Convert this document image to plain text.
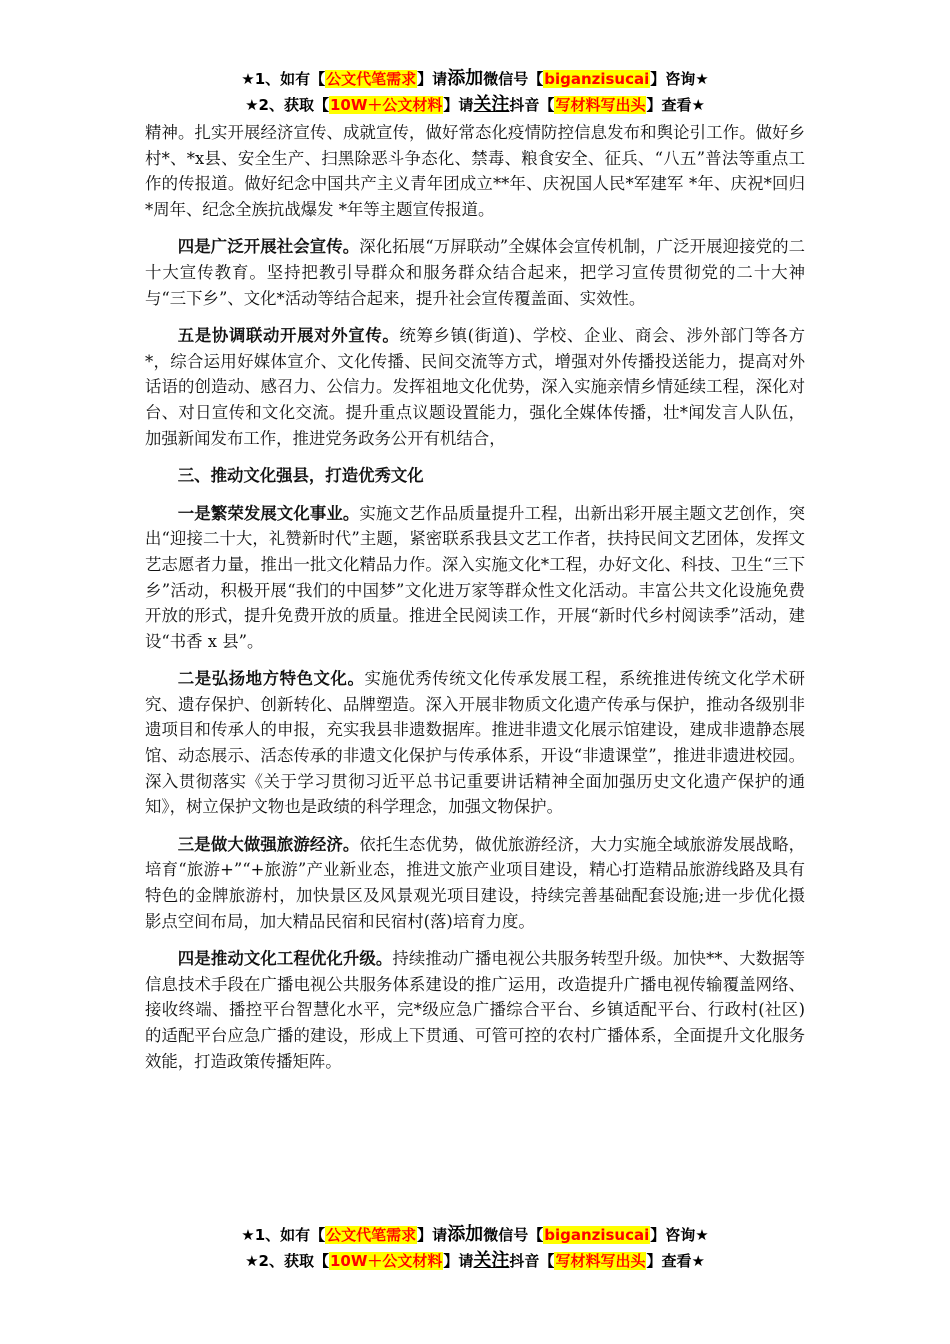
★1、如有【公文代笔需求】请添加微信号【biganzisucai】咨询★
★2、获取【10W＋公文材料】请关注抖音【写材料写出头】查看★

精神。扎实开展经济宣传、成就宣传，做好常态化疫情防控信息发布和舆论引工作。做好乡村*、*x县、安全生产、扫黑除恶斗争态化、禁毒、粮食安全、征兵、“八五”普法等重点工作的传报道。做好纪念中国共产主义青年团成立**年、庆祝国人民*军建军 *年、庆祝*回归*周年、纪念全族抗战爆发 *年等主题宣传报道。

四是广泛开展社会宣传。深化拓展“万屏联动”全媒体会宣传机制，广泛开展迎接党的二十大宣传教育。坚持把教引导群众和服务群众结合起来，把学习宣传贯彻党的二十大神与“三下乡”、文化*活动等结合起来，提升社会宣传覆盖面、实效性。

五是协调联动开展对外宣传。统筹乡镇(街道)、学校、企业、商会、涉外部门等各方*，综合运用好媒体宣介、文化传播、民间交流等方式，增强对外传播投送能力，提高对外话语的创造动、感召力、公信力。发挥祖地文化优势，深入实施亲情乡情延续工程，深化对台、对日宣传和文化交流。提升重点议题设置能力，强化全媒体传播，壮*闻发言人队伍，加强新闻发布工作，推进党务政务公开有机结合，

三、推动文化强县，打造优秀文化

一是繁荣发展文化事业。实施文艺作品质量提升工程，出新出彩开展主题文艺创作，突出“迎接二十大，礼赞新时代”主题，紧密联系我县文艺工作者，扶持民间文艺团体，发挥文艺志愿者力量，推出一批文化精品力作。深入实施文化*工程，办好文化、科技、卫生“三下乡”活动，积极开展“我们的中国梦”文化进万家等群众性文化活动。丰富公共文化设施免费开放的形式，提升免费开放的质量。推进全民阅读工作，开展“新时代乡村阅读季”活动，建设“书香 x 县”。

二是弘扬地方特色文化。实施优秀传统文化传承发展工程，系统推进传统文化学术研究、遗存保护、创新转化、品牌塑造。深入开展非物质文化遗产传承与保护，推动各级别非遗项目和传承人的申报，充实我县非遗数据库。推进非遗文化展示馆建设，建成非遗静态展馆、动态展示、活态传承的非遗文化保护与传承体系，开设“非遗课堂”，推进非遗进校园。深入贯彻落实《关于学习贯彻习近平总书记重要讲话精神全面加强历史文化遗产保护的通知》，树立保护文物也是政绩的科学理念，加强文物保护。

三是做大做强旅游经济。依托生态优势，做优旅游经济，大力实施全域旅游发展战略，培育“旅游+”“+旅游”产业新业态，推进文旅产业项目建设，精心打造精品旅游线路及具有特色的金牌旅游村，加快景区及风景观光项目建设，持续完善基础配套设施;进一步优化摄影点空间布局，加大精品民宿和民宿村(落)培育力度。

四是推动文化工程优化升级。持续推动广播电视公共服务转型升级。加快**、大数据等信息技术手段在广播电视公共服务体系建设的推广运用，改造提升广播电视传输覆盖网络、接收终端、播控平台智慧化水平，完*级应急广播综合平台、乡镇适配平台、行政村(社区)的适配平台应急广播的建设，形成上下贯通、可管可控的农村广播体系，全面提升文化服务效能，打造政策传播矩阵。

★1、如有【公文代笔需求】请添加微信号【biganzisucai】咨询★
★2、获取【10W＋公文材料】请关注抖音【写材料写出头】查看★
